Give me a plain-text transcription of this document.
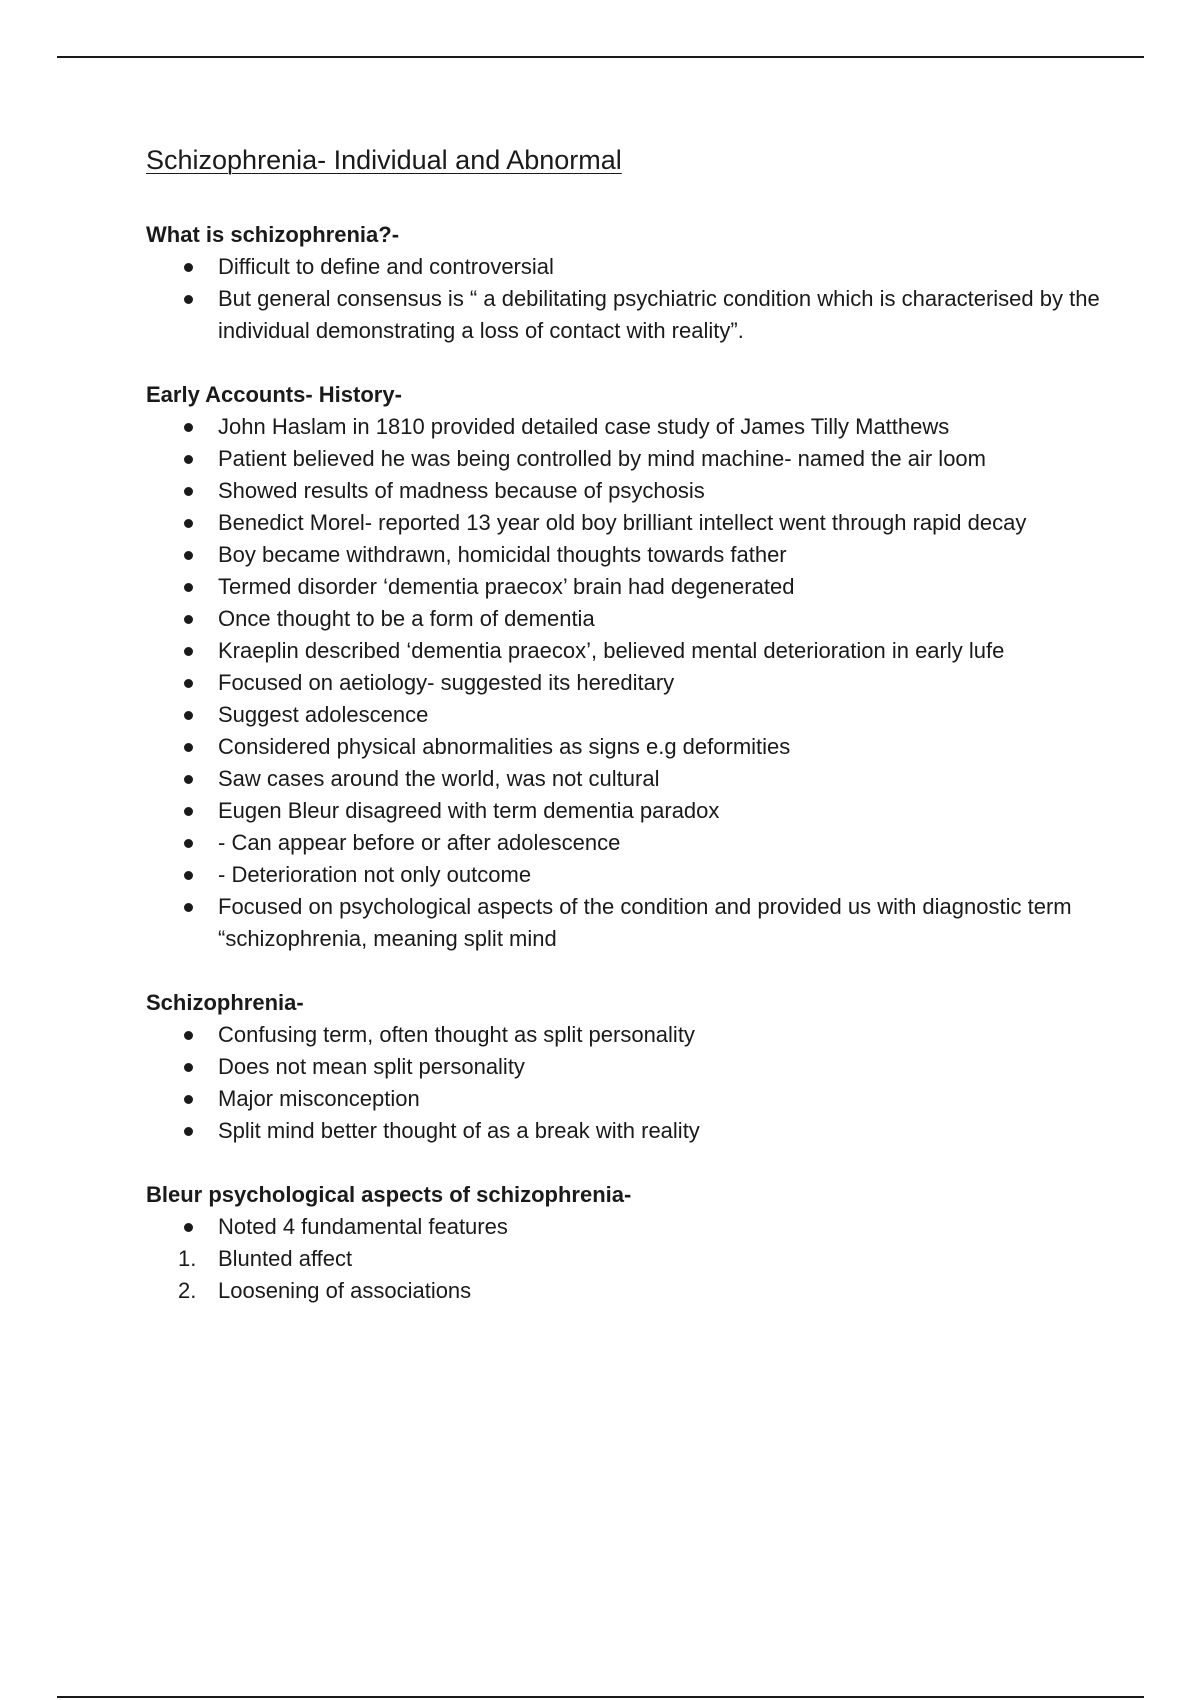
Schizophrenia- Individual and Abnormal
What is schizophrenia?-
Difficult to define and controversial
But general consensus is “ a debilitating psychiatric condition which is characterised by the individual demonstrating a loss of contact with reality”.
Early Accounts- History-
John Haslam in 1810 provided detailed case study of James Tilly Matthews
Patient believed he was being controlled by mind machine- named the air loom
Showed results of madness because of psychosis
Benedict Morel- reported 13 year old boy brilliant intellect went through rapid decay
Boy became withdrawn, homicidal thoughts towards father
Termed disorder ‘dementia praecox’ brain had degenerated
Once thought to be a form of dementia
Kraeplin described ‘dementia praecox’, believed mental deterioration in early lufe
Focused on aetiology- suggested its hereditary
Suggest adolescence
Considered physical abnormalities as signs e.g deformities
Saw cases around the world, was not cultural
Eugen Bleur disagreed with term dementia paradox
- Can appear before or after adolescence
- Deterioration not only outcome
Focused on psychological aspects of the condition and provided us with diagnostic term “schizophrenia, meaning split mind
Schizophrenia-
Confusing term, often thought as split personality
Does not mean split personality
Major misconception
Split mind better thought of as a break with reality
Bleur psychological aspects of schizophrenia-
Noted 4 fundamental features
1. Blunted affect
2. Loosening of associations
